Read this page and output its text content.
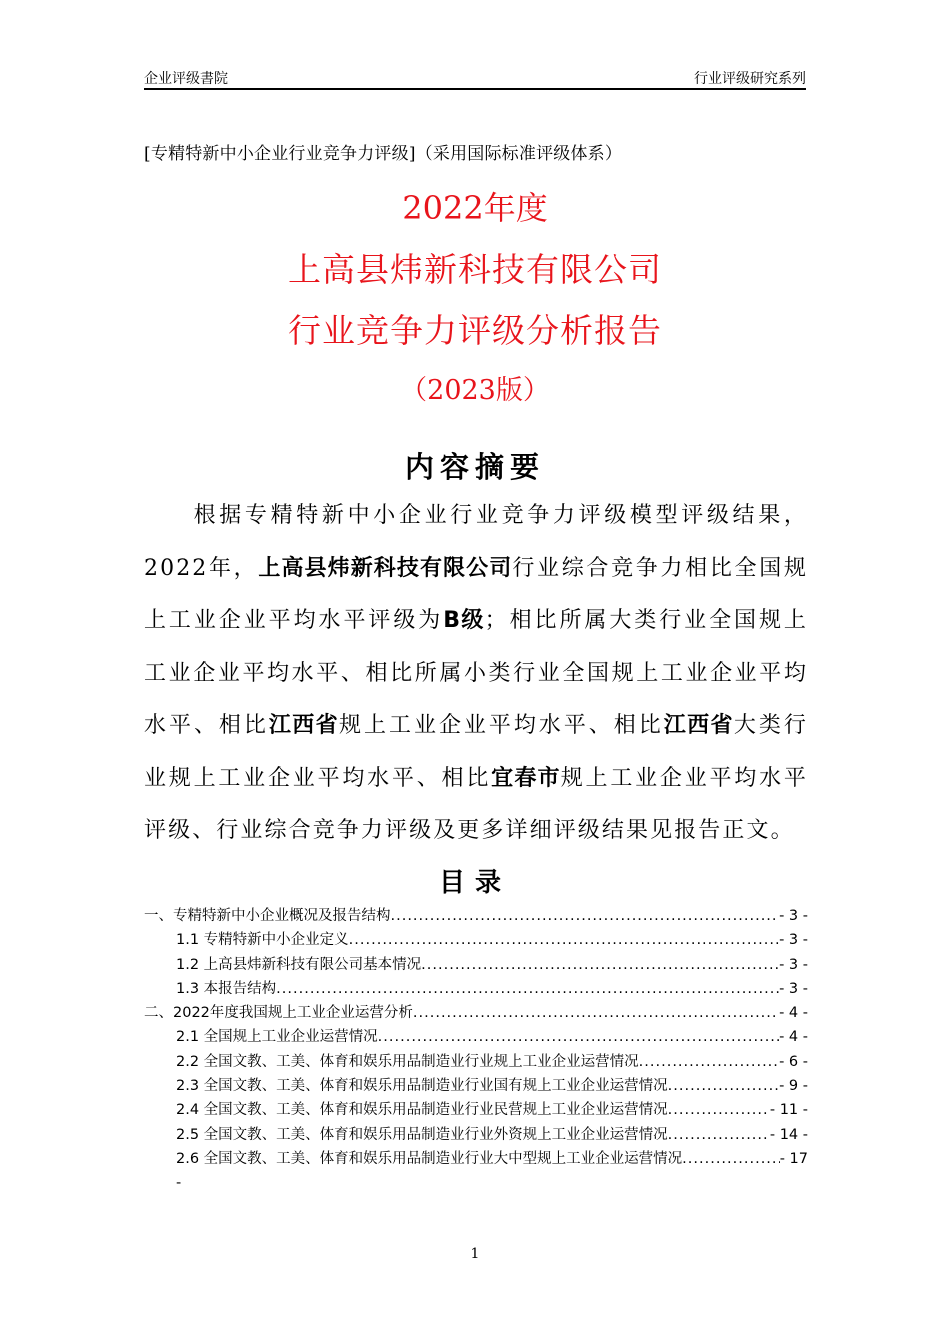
企业评级書院	行业评级研究系列
[专精特新中小企业行业竞争力评级]（采用国际标准评级体系）
2022年度
上高县炜新科技有限公司
行业竞争力评级分析报告
（2023版）
内容摘要
根据专精特新中小企业行业竞争力评级模型评级结果，2022年，上高县炜新科技有限公司行业综合竞争力相比全国规上工业企业平均水平评级为B级；相比所属大类行业全国规上工业企业平均水平、相比所属小类行业全国规上工业企业平均水平、相比江西省规上工业企业平均水平、相比江西省大类行业规上工业企业平均水平、相比宜春市规上工业企业平均水平评级、行业综合竞争力评级及更多详细评级结果见报告正文。
目录
一、专精特新中小企业概况及报告结构 .....	- 3 -
1.1 专精特新中小企业定义 .....	- 3 -
1.2 上高县炜新科技有限公司基本情况 .....	- 3 -
1.3 本报告结构 .....	- 3 -
二、2022年度我国规上工业企业运营分析 .....	- 4 -
2.1 全国规上工业企业运营情况 .....	- 4 -
2.2 全国文教、工美、体育和娱乐用品制造业行业规上工业企业运营情况 .....	- 6 -
2.3 全国文教、工美、体育和娱乐用品制造业行业国有规上工业企业运营情况 .....	- 9 -
2.4 全国文教、工美、体育和娱乐用品制造业行业民营规上工业企业运营情况 .....	- 11 -
2.5 全国文教、工美、体育和娱乐用品制造业行业外资规上工业企业运营情况 .....	- 14 -
2.6 全国文教、工美、体育和娱乐用品制造业行业大中型规上工业企业运营情况 .....	- 17
-
1
